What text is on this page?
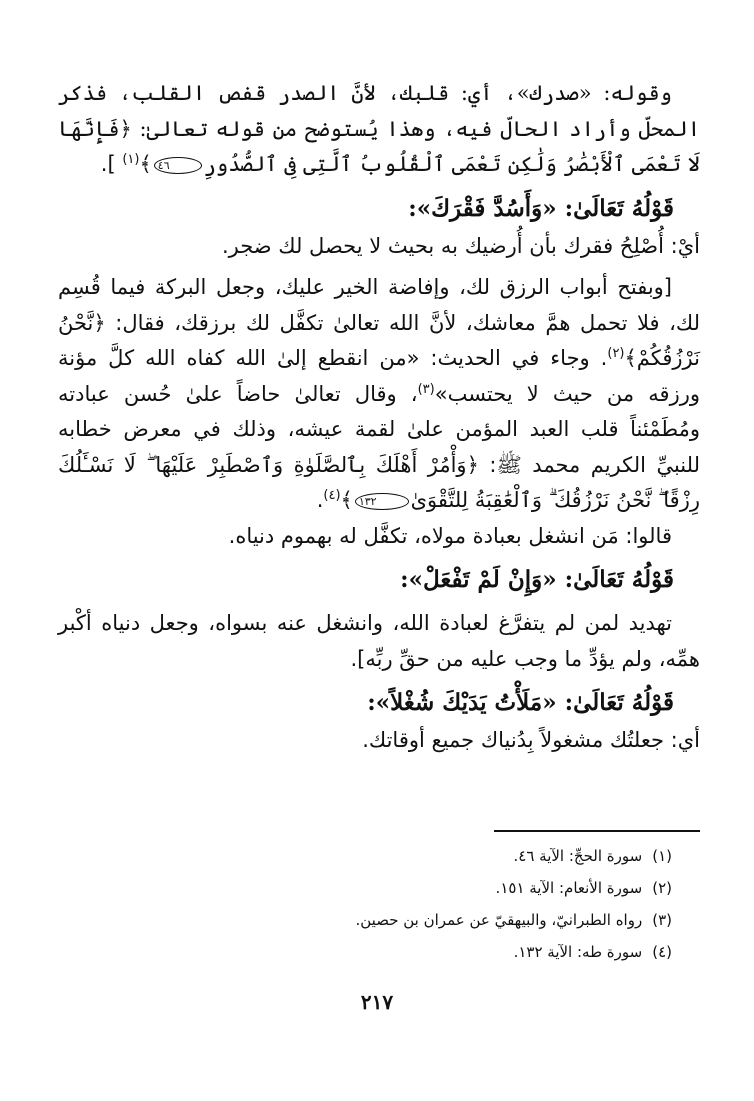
وقوله: «صدرك»، أي: قلبك، لأنَّ الصدر قفص القلب، فذكر المحلّ وأراد الحالّ فيه، وهذا يُستوضح من قوله تعالىٰ: ﴿فَإِنَّهَا لَا تَعْمَى ٱلْأَبْصَٰرُ وَلَٰكِن تَعْمَى ٱلْقُلُوبُ ٱلَّتِى فِى ٱلصُّدُورِ٤٦﴾$^{(١)}$ ].

قَوْلُهُ تَعَالَىٰ: «وَأَسُدَّ فَقْرَكَ»:

أيْ: أُصْلِحُ فقرك بأن أُرضيك به بحيث لا يحصل لك ضجر.

[وبفتح أبواب الرزق لك، وإفاضة الخير عليك، وجعل البركة فيما قُسِم لك، فلا تحمل همَّ معاشك، لأنَّ الله تعالىٰ تكفَّل لك برزقك، فقال: ﴿نَّحْنُ نَرْزُقُكُمْ﴾$^{(٢)}$. وجاء في الحديث: «من انقطع إلىٰ الله كفاه الله كلَّ مؤنة ورزقه من حيث لا يحتسب»$^{(٣)}$، وقال تعالىٰ حاضاً علىٰ حُسن عبادته ومُطَمْئناً قلب العبد المؤمن علىٰ لقمة عيشه، وذلك في معرض خطابه للنبيِّ الكريم محمد ﷺ: ﴿وَأْمُرْ أَهْلَكَ بِٱلصَّلَوٰةِ وَٱصْطَبِرْ عَلَيْهَا ۖ لَا نَسْـَٔلُكَ رِزْقًا ۖ نَّحْنُ نَرْزُقُكَ ۗ وَٱلْعَٰقِبَةُ لِلتَّقْوَىٰ١٣٢﴾$^{(٤)}$.

قالوا: مَن انشغل بعبادة مولاه، تكفَّل له بهموم دنياه.

قَوْلُهُ تَعَالَىٰ: «وَإِنْ لَمْ تَفْعَلْ»:

تهديد لمن لم يتفرَّغ لعبادة الله، وانشغل عنه بسواه، وجعل دنياه أكْبر همِّه، ولم يؤدِّ ما وجب عليه من حقِّ ربِّه].

قَوْلُهُ تَعَالَىٰ: «مَلَأْتُ يَدَيْكَ شُغْلاً»:

أي: جعلتُك مشغولاً بِدُنياك جميع أوقاتك.

(١)سورة الحجِّ: الآية ٤٦.
(٢)سورة الأنعام: الآية ١٥١.
(٣)رواه الطبرانيّ، والبيهقيّ عن عمران بن حصين.
(٤)سورة طه: الآية ١٣٢.
٢١٧
